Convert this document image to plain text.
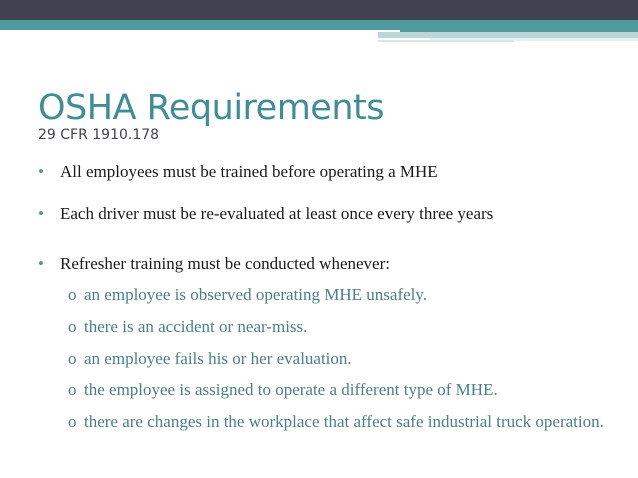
OSHA Requirements
29 CFR 1910.178
• All employees must be trained before operating a MHE
• Each driver must be re-evaluated at least once every three years
• Refresher training must be conducted whenever:
o an employee is observed operating MHE unsafely.
o there is an accident or near-miss.
o an employee fails his or her evaluation.
o the employee is assigned to operate a different type of MHE.
o there are changes in the workplace that affect safe industrial truck operation.
